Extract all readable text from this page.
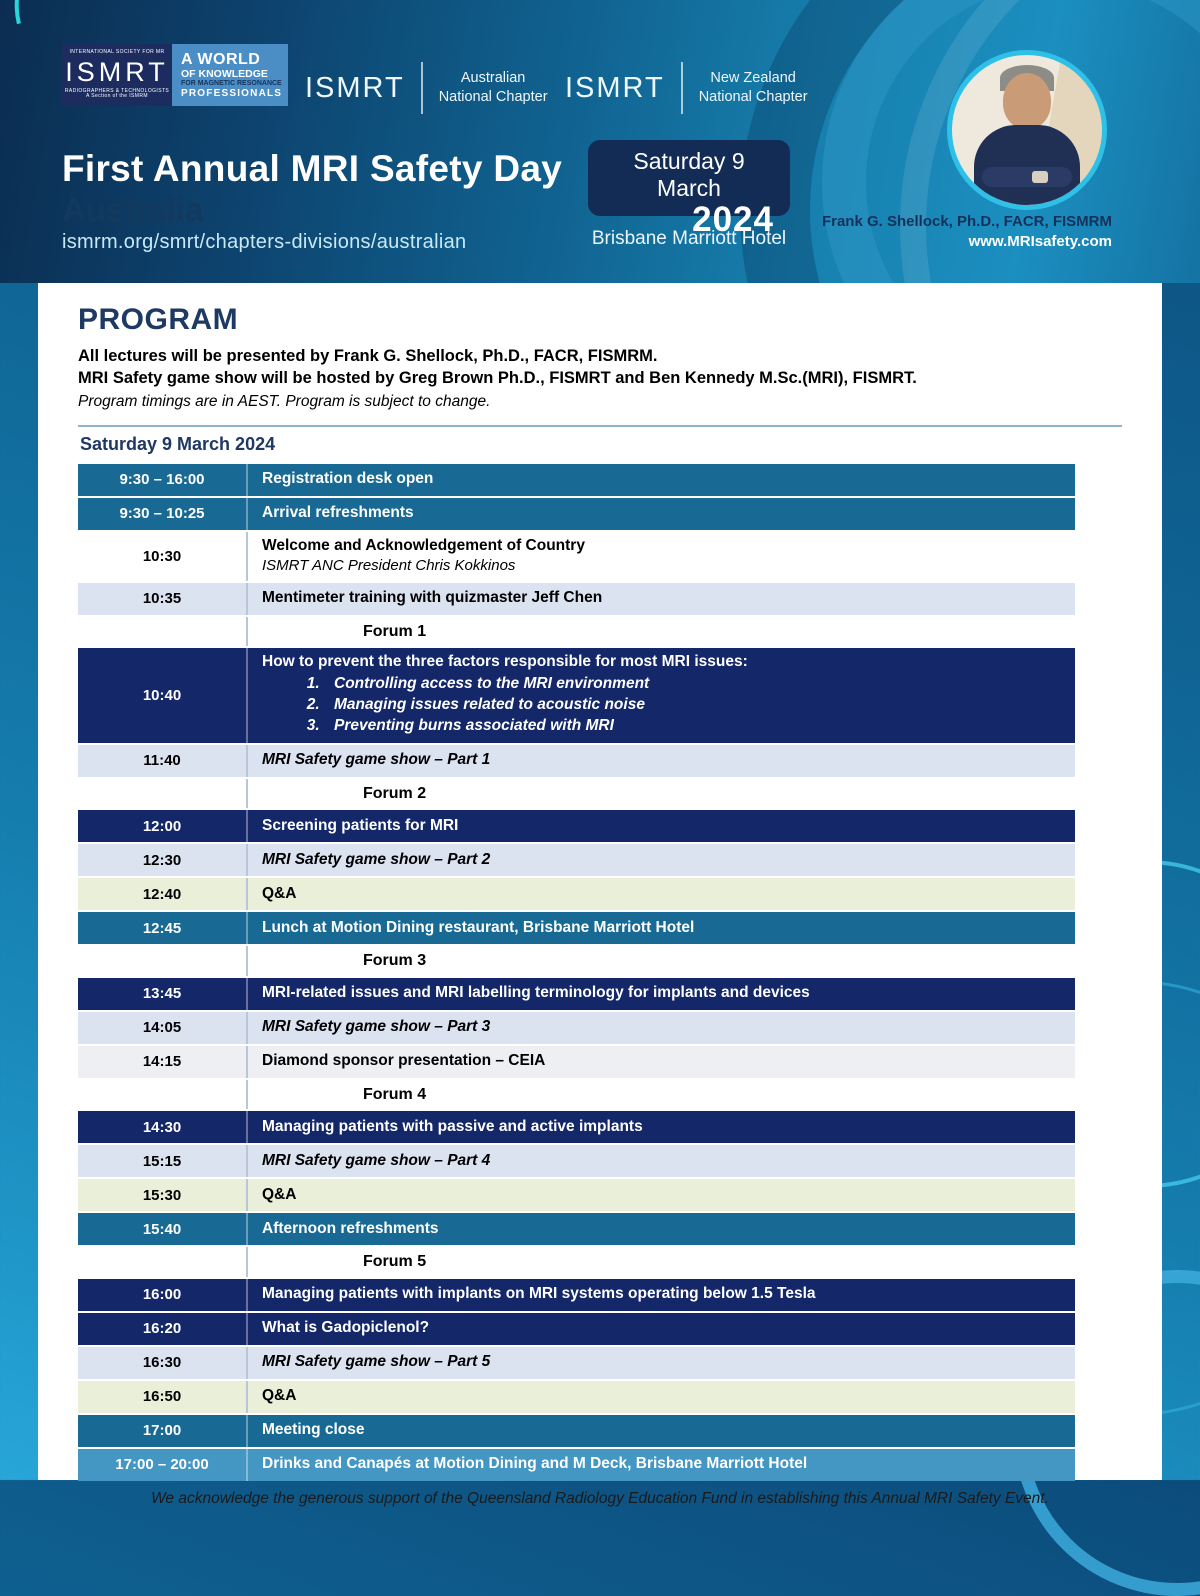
INTERNATIONAL SOCIETY FOR MR
ISMRT
RADIOGRAPHERS & TECHNOLOGISTS
A Section of the ISMRM
A WORLD
OF KNOWLEDGE
FOR MAGNETIC RESONANCE
PROFESSIONALS ISMRT	Australian
National Chapter ISMRT	New Zealand
National Chapter
First Annual MRI Safety Day
Australia
ismrm.org/smrt/chapters-divisions/australian
Saturday 9 March
2024
Brisbane Marriott Hotel
Frank G. Shellock, Ph.D., FACR, FISMRM
www.MRIsafety.com
PROGRAM
All lectures will be presented by Frank G. Shellock, Ph.D., FACR, FISMRM.
MRI Safety game show will be hosted by Greg Brown Ph.D., FISMRT and Ben Kennedy M.Sc.(MRI), FISMRT.
Program timings are in AEST. Program is subject to change.
Saturday 9 March 2024
9:30 – 16:00	Registration desk open
9:30 – 10:25	Arrival refreshments
10:30
Welcome and Acknowledgement of Country
ISMRT ANC President Chris Kokkinos
10:35	Mentimeter training with quizmaster Jeff Chen
Forum 1
10:40
How to prevent the three factors responsible for most MRI issues:
1. Controlling access to the MRI environment
2. Managing issues related to acoustic noise
3. Preventing burns associated with MRI
11:40	MRI Safety game show – Part 1
Forum 2
12:00	Screening patients for MRI
12:30	MRI Safety game show – Part 2
12:40	Q&A
12:45	Lunch at Motion Dining restaurant, Brisbane Marriott Hotel
Forum 3
13:45	MRI-related issues and MRI labelling terminology for implants and devices
14:05	MRI Safety game show – Part 3
14:15	Diamond sponsor presentation – CEIA
Forum 4
14:30	Managing patients with passive and active implants
15:15	MRI Safety game show – Part 4
15:30	Q&A
15:40	Afternoon refreshments
Forum 5
16:00	Managing patients with implants on MRI systems operating below 1.5 Tesla
16:20	What is Gadopiclenol?
16:30	MRI Safety game show – Part 5
16:50	Q&A
17:00	Meeting close
17:00 – 20:00	Drinks and Canapés at Motion Dining and M Deck, Brisbane Marriott Hotel
We acknowledge the generous support of the Queensland Radiology Education Fund in establishing this Annual MRI Safety Event.
